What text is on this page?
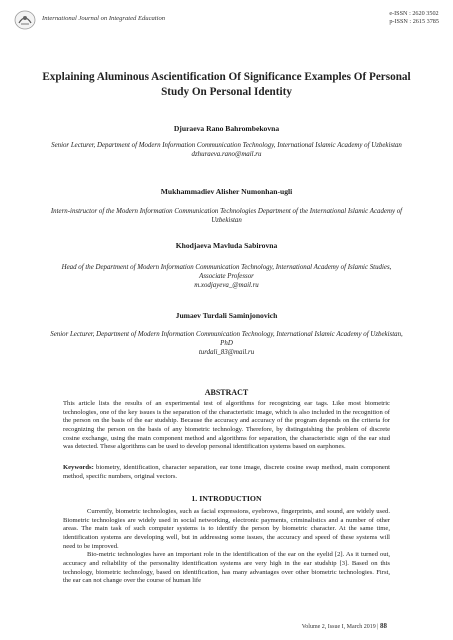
International Journal on Integrated Education
e-ISSN : 2620 3502
p-ISSN : 2615 3785
Explaining Aluminous Ascientification Of Significance Examples Of Personal Study On Personal Identity
Djuraeva Rano Bahrombekovna
Senior Lecturer, Department of Modern Information Communication Technology, International Islamic Academy of Uzbekistan
dzhuraeva.rano@mail.ru
Mukhammadiev Alisher Numonhan-ugli
Intern-instructor of the Modern Information Communication Technologies Department of the International Islamic Academy of Uzbekistan
Khodjaeva Mavluda Sabirovna
Head of the Department of Modern Information Communication Technology, International Academy of Islamic Studies, Associate Professor
m.xodjayeva_@mail.ru
Jumaev Turdali Saminjonovich
Senior Lecturer, Department of Modern Information Communication Technology, International Islamic Academy of Uzbekistan, PhD
turdali_83@mail.ru
ABSTRACT
This article lists the results of an experimental test of algorithms for recognizing ear tags. Like most biometric technologies, one of the key issues is the separation of the characteristic image, which is also included in the recognition of the person on the basis of the ear studship. Because the accuracy and accuracy of the program depends on the criteria for recognizing the person on the basis of any biometric technology. Therefore, by distinguishing the problem of discrete cosine exchange, using the main component method and algorithms for separation, the characteristic sign of the ear stud was detected. These algorithms can be used to develop personal identification systems based on earphones.
Keywords: biometry, identification, character separation, ear tone image, discrete cosine swap method, main component method, specific numbers, original vectors.
1. INTRODUCTION

Currently, biometric technologies, such as facial expressions, eyebrows, fingerprints, and sound, are widely used. Biometric technologies are widely used in social networking, electronic payments, criminalistics and a number of other areas. The main task of such computer systems is to identify the person by biometric character. At the same time, identification systems are developing well, but in addressing some issues, the accuracy and speed of these systems will need to be improved.

Bio-metric technologies have an important role in the identification of the ear on the eyelid [2]. As it turned out, accuracy and reliability of the personality identification systems are very high in the ear studship [3]. Based on this technology, biometric technology, based on identification, has many advantages over other biometric technologies. First, the ear can not change over the course of human life

Volume 2, Issue I, March 2019 | 88
